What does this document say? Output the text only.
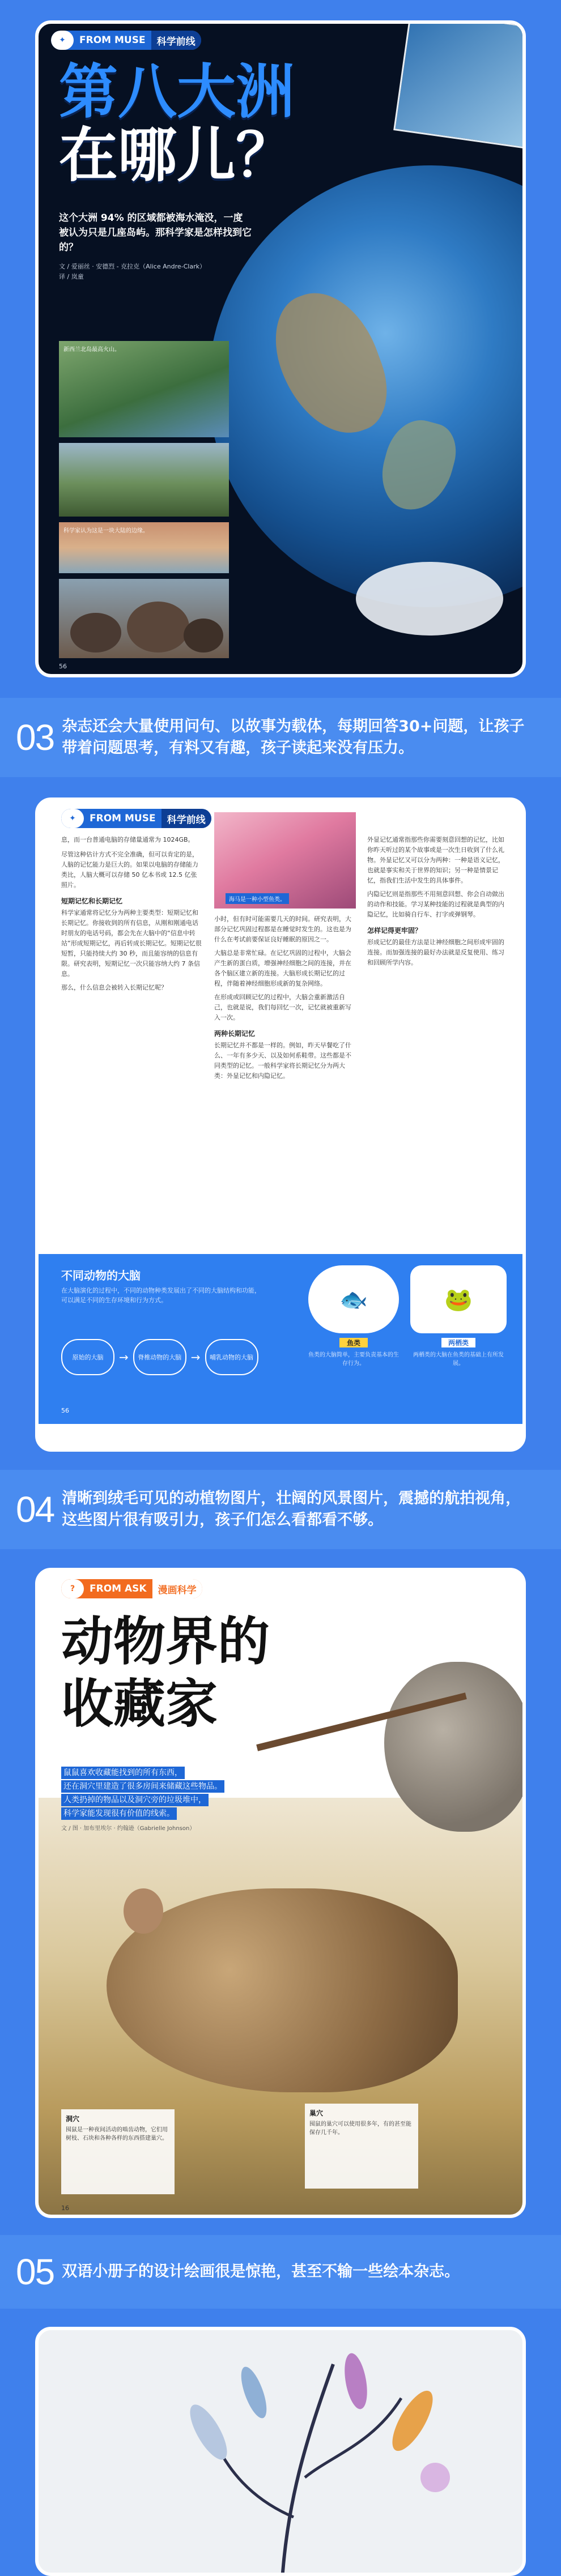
✦	FROM MUSE	科学前线
第八大洲
在哪儿？
这个大洲 94% 的区域都被海水淹没，一度被认为只是几座岛屿。那科学家是怎样找到它的？
文 / 爱丽丝 · 安德烈 - 克拉克（Alice Andre-Clark）
译 / 岚童
新西兰北岛最高火山。
科学家认为这是一块大陆的边缘。
56
03 杂志还会大量使用问句、以故事为载体，每期回答30+问题，让孩子带着问题思考，有料又有趣，孩子读起来没有压力。
✦	FROM MUSE	科学前线
息，而一台普通电脑的存储量通常为 1024GB。
尽管这种估计方式不完全准确，但可以肯定的是，人脑的记忆能力是巨大的。如果以电脑的存储能力类比，人脑大概可以存储 50 亿本书或 12.5 亿张照片。
短期记忆和长期记忆
科学家通常将记忆分为两种主要类型：短期记忆和长期记忆。你接收到的所有信息，从刚和刚通电话时朋友的电话号码，都会先在大脑中的“信息中转站”形成短期记忆，再后转成长期记忆。短期记忆很短暂，只能持续大约 30 秒，而且能容纳的信息有限。研究表明，短期记忆一次只能容纳大约 7 条信息。
那么，什么信息会被转入长期记忆呢？
海马是一种小型鱼类。
小时，但有时可能需要几天的时间。研究表明，大部分记忆巩固过程都是在睡觉时发生的。这也是为什么在考试前要保证良好睡眠的原因之一。
大脑总是非常忙碌。在记忆巩固的过程中，大脑会产生新的蛋白质，增强神经细胞之间的连接，并在各个脑区建立新的连接。大脑形成长期记忆的过程，伴随着神经细胞形成新的复杂网络。
在形成或回顾记忆的过程中，大脑会重新激活自己，也就是说，我们每回忆一次，记忆就被重新写入一次。
两种长期记忆
长期记忆并不都是一样的。例如，昨天早餐吃了什么、一年有多少天、以及如何系鞋带。这些都是不同类型的记忆。一般科学家将长期记忆分为两大类：外显记忆和内隐记忆。
外显记忆通常指那些你需要刻意回想的记忆，比如你昨天听过的某个故事或是一次生日收到了什么礼物。外显记忆又可以分为两种：一种是语义记忆，也就是事实和关于世界的知识；另一种是情景记忆，指我们生活中发生的具体事件。
内隐记忆则是指那些不用刻意回想、你会自动做出的动作和技能。学习某种技能的过程就是典型的内隐记忆，比如骑自行车、打字或弹钢琴。
怎样记得更牢固？
形成记忆的最佳方法是让神经细胞之间形成牢固的连接。而加强连接的最好办法就是反复使用、练习和回顾所学内容。
不同动物的大脑
在大脑演化的过程中，不同的动物种类发展出了不同的大脑结构和功能，可以满足不同的生存环境和行为方式。
原始的大脑	→	脊椎动物的大脑 →	哺乳动物的大脑
🐟
鱼类
鱼类的大脑简单，主要负责基本的生存行为。
🐸
两栖类
两栖类的大脑在鱼类的基础上有所发展。
56
04 清晰到绒毛可见的动植物图片，壮阔的风景图片，震撼的航拍视角，这些图片很有吸引力，孩子们怎么看都看不够。
?	FROM ASK	漫画科学
动物界的
收藏家
鼠鼠喜欢收藏能找到的所有东西， 还在洞穴里建造了很多房间来储藏这些物品。 人类扔掉的物品以及洞穴旁的垃圾堆中， 科学家能发现很有价值的线索。
文 / 图 · 加布里埃尔 · 约翰逊（Gabrielle Johnson）
洞穴
囤鼠是一种夜间活动的啮齿动物，它们用树枝、石块和各种各样的东西搭建巢穴。
巢穴
囤鼠的巢穴可以使用很多年，有的甚至能保存几千年。
16
05 双语小册子的设计绘画很是惊艳，甚至不输一些绘本杂志。
